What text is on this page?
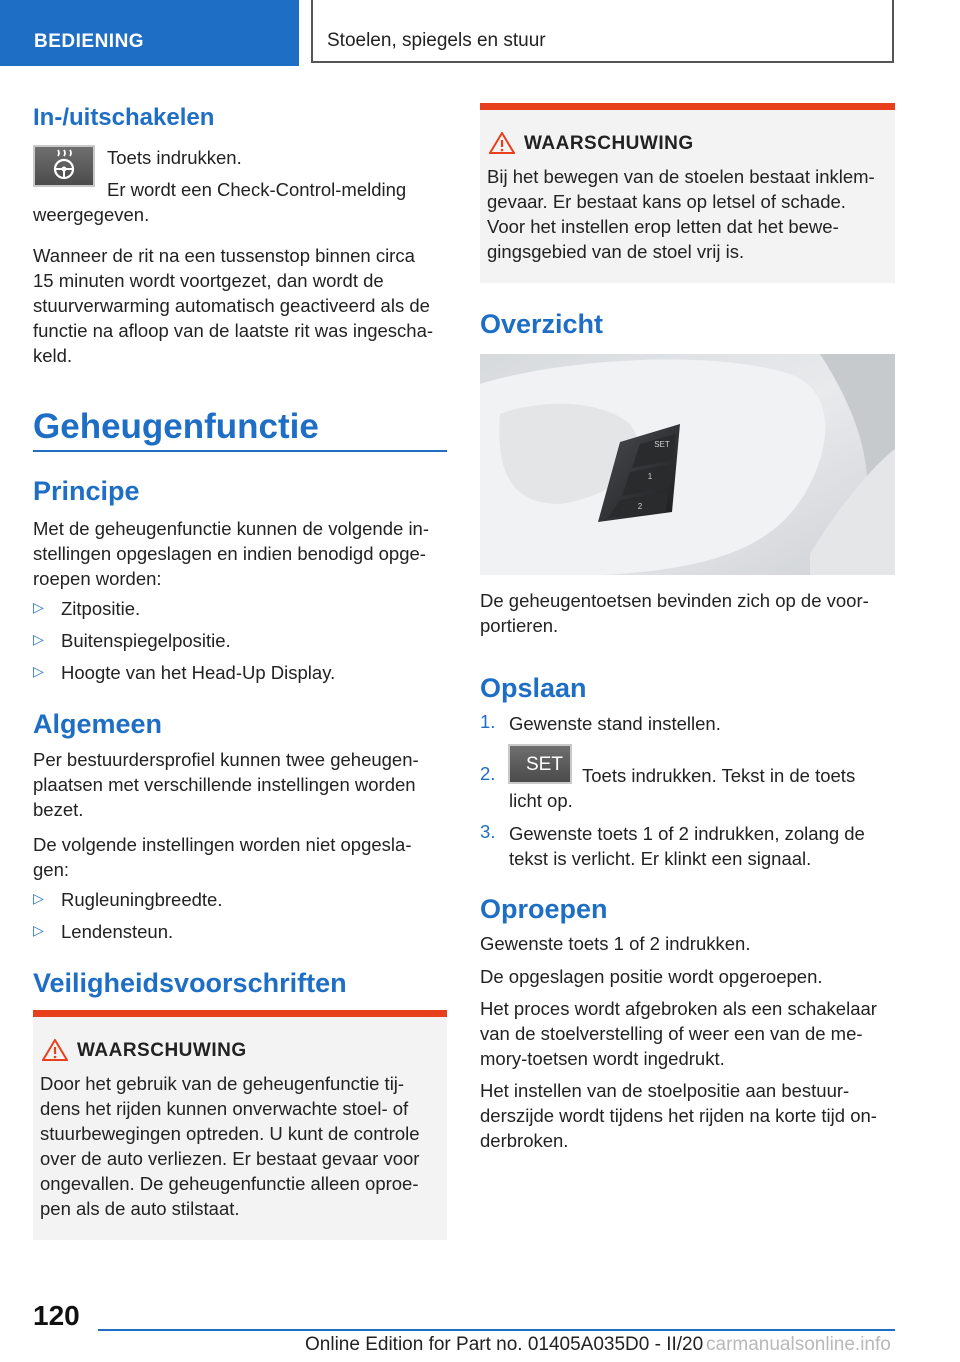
BEDIENING	Stoelen, spiegels en stuur
In-/uitschakelen
Toets indrukken.
Er wordt een Check-Control-melding
weergegeven.
Wanneer de rit na een tussenstop binnen circa
15 minuten wordt voortgezet, dan wordt de
stuurverwarming automatisch geactiveerd als de
functie na afloop van de laatste rit was ingescha-
keld.
Geheugenfunctie
Principe
Met de geheugenfunctie kunnen de volgende in-
stellingen opgeslagen en indien benodigd opge-
roepen worden:
▷ Zitpositie.
▷ Buitenspiegelpositie.
▷ Hoogte van het Head-Up Display.
Algemeen
Per bestuurdersprofiel kunnen twee geheugen-
plaatsen met verschillende instellingen worden
bezet.
De volgende instellingen worden niet opgesla-
gen:
▷ Rugleuningbreedte.
▷ Lendensteun.
Veiligheidsvoorschriften
WAARSCHUWING
Door het gebruik van de geheugenfunctie tij-
dens het rijden kunnen onverwachte stoel- of
stuurbewegingen optreden. U kunt de controle
over de auto verliezen. Er bestaat gevaar voor
ongevallen. De geheugenfunctie alleen oproe-
pen als de auto stilstaat.
WAARSCHUWING
Bij het bewegen van de stoelen bestaat inklem-
gevaar. Er bestaat kans op letsel of schade.
Voor het instellen erop letten dat het bewe-
gingsgebied van de stoel vrij is.
Overzicht
SET
1
2
De geheugentoetsen bevinden zich op de voor-
portieren.
Opslaan
1. Gewenste stand instellen.
2. SET
Toets indrukken. Tekst in de toets
licht op.
3. Gewenste toets 1 of 2 indrukken, zolang de
tekst is verlicht. Er klinkt een signaal.
Oproepen
Gewenste toets 1 of 2 indrukken.
De opgeslagen positie wordt opgeroepen.
Het proces wordt afgebroken als een schakelaar
van de stoelverstelling of weer een van de me-
mory-toetsen wordt ingedrukt.
Het instellen van de stoelpositie aan bestuur-
derszijde wordt tijdens het rijden na korte tijd on-
derbroken.
120
Online Edition for Part no. 01405A035D0 - II/20 carmanualsonline.info
